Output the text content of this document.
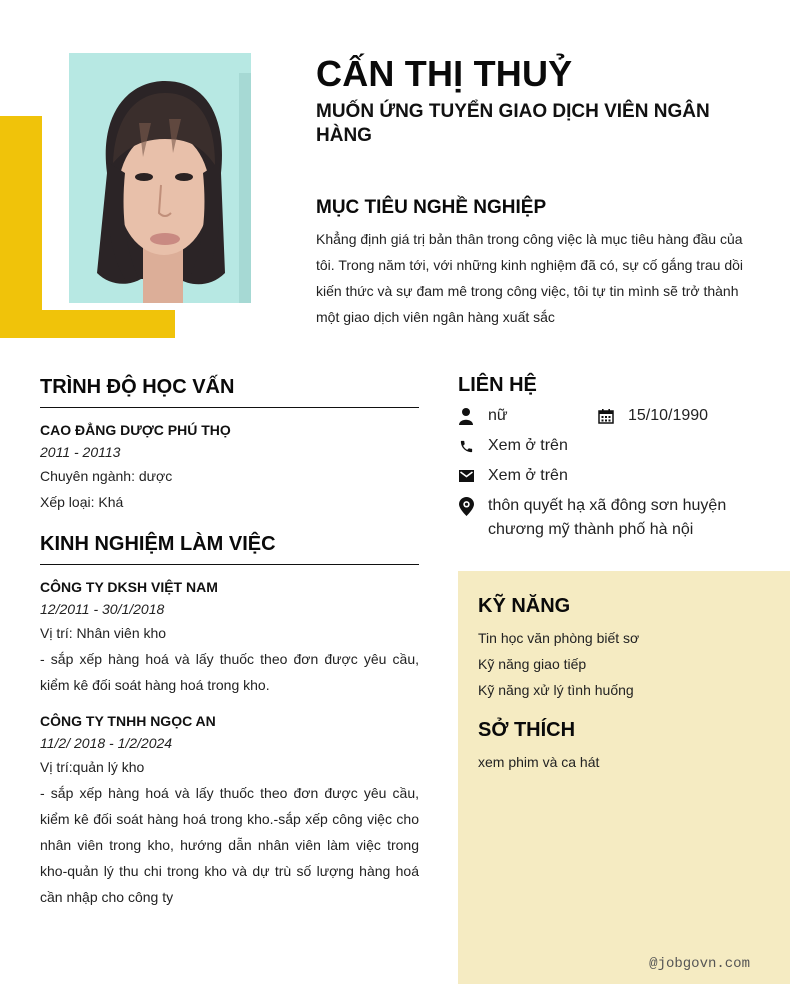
CẤN THỊ THUỶ
MUỐN ỨNG TUYỂN GIAO DỊCH VIÊN NGÂN HÀNG
MỤC TIÊU NGHỀ NGHIỆP
Khẳng định giá trị bản thân trong công việc là mục tiêu hàng đầu của tôi. Trong năm tới, với những kinh nghiệm đã có, sự cố gắng trau dồi kiến thức và sự đam mê trong công việc, tôi tự tin mình sẽ trở thành một giao dịch viên ngân hàng xuất sắc
TRÌNH ĐỘ HỌC VẤN
CAO ĐẲNG DƯỢC PHÚ THỌ
2011 - 20113
Chuyên ngành: dược
Xếp loại: Khá
KINH NGHIỆM LÀM VIỆC
CÔNG TY DKSH VIỆT NAM
12/2011 - 30/1/2018
Vị trí: Nhân viên kho
- sắp xếp hàng hoá và lấy thuốc theo đơn được yêu cầu, kiểm kê đối soát hàng hoá trong kho.
CÔNG TY TNHH NGỌC AN
11/2/ 2018 - 1/2/2024
Vị trí:quản lý kho
- sắp xếp hàng hoá và lấy thuốc theo đơn được yêu cầu, kiểm kê đối soát hàng hoá trong kho.-sắp xếp công việc cho nhân viên trong kho, hướng dẫn nhân viên làm việc trong kho-quản lý thu chi trong kho và dự trù số lượng hàng hoá cần nhập cho công ty
LIÊN HỆ
nữ	15/10/1990
Xem ở trên
Xem ở trên
thôn quyết hạ xã đông sơn huyện chương mỹ thành phố hà nội
KỸ NĂNG
Tin học văn phòng biết sơ
Kỹ năng giao tiếp
Kỹ năng xử lý tình huống
SỞ THÍCH
xem phim và ca hát
@jobgovn.com
